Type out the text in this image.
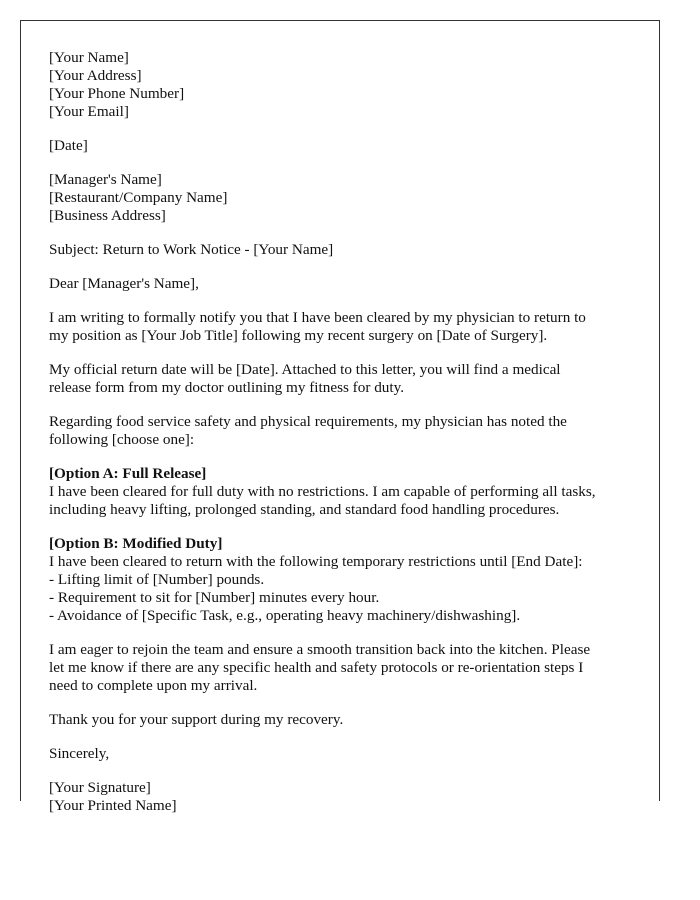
[Your Name]
[Your Address]
[Your Phone Number]
[Your Email]
[Date]
[Manager's Name]
[Restaurant/Company Name]
[Business Address]
Subject: Return to Work Notice - [Your Name]
Dear [Manager's Name],
I am writing to formally notify you that I have been cleared by my physician to return to
my position as [Your Job Title] following my recent surgery on [Date of Surgery].
My official return date will be [Date]. Attached to this letter, you will find a medical
release form from my doctor outlining my fitness for duty.
Regarding food service safety and physical requirements, my physician has noted the
following [choose one]:
[Option A: Full Release]
I have been cleared for full duty with no restrictions. I am capable of performing all tasks,
including heavy lifting, prolonged standing, and standard food handling procedures.
[Option B: Modified Duty]
I have been cleared to return with the following temporary restrictions until [End Date]:
- Lifting limit of [Number] pounds.
- Requirement to sit for [Number] minutes every hour.
- Avoidance of [Specific Task, e.g., operating heavy machinery/dishwashing].
I am eager to rejoin the team and ensure a smooth transition back into the kitchen. Please
let me know if there are any specific health and safety protocols or re-orientation steps I
need to complete upon my arrival.
Thank you for your support during my recovery.
Sincerely,
[Your Signature]
[Your Printed Name]
